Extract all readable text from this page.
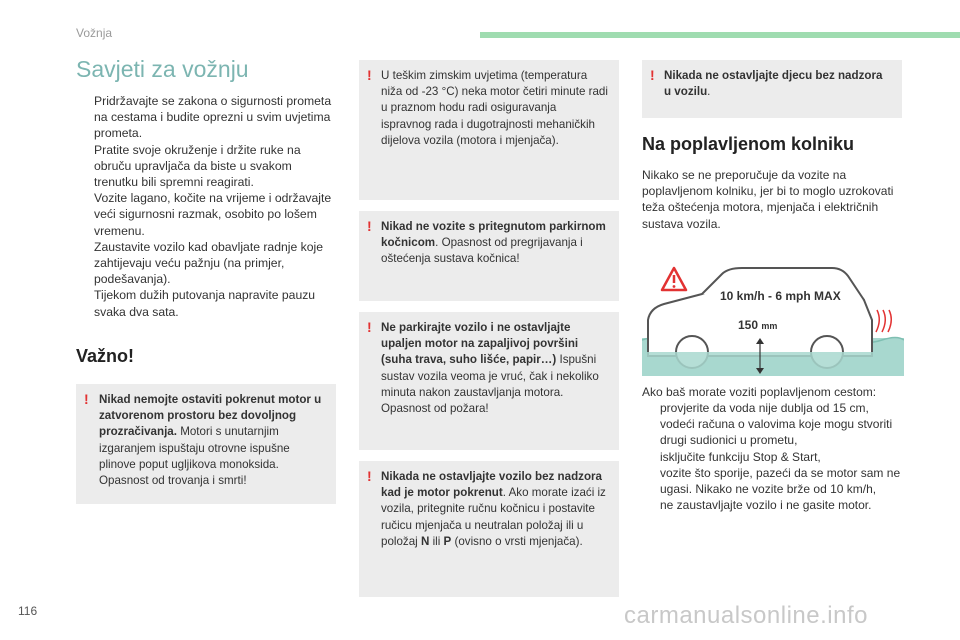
Vožnja
Savjeti za vožnju
Pridržavajte se zakona o sigurnosti prometa na cestama i budite oprezni u svim uvjetima prometa.
Pratite svoje okruženje i držite ruke na obruču upravljača da biste u svakom trenutku bili spremni reagirati.
Vozite lagano, kočite na vrijeme i održavajte veći sigurnosni razmak, osobito po lošem vremenu.
Zaustavite vozilo kad obavljate radnje koje zahtijevaju veću pažnju (na primjer, podešavanja).
Tijekom dužih putovanja napravite pauzu svaka dva sata.
Važno!
! Nikad nemojte ostaviti pokrenut motor u zatvorenom prostoru bez dovoljnog prozračivanja. Motori s unutarnjim izgaranjem ispuštaju otrovne ispušne plinove poput ugljikova monoksida. Opasnost od trovanja i smrti!
! U teškim zimskim uvjetima (temperatura niža od -23 °C) neka motor četiri minute radi u praznom hodu radi osiguravanja ispravnog rada i dugotrajnosti mehaničkih dijelova vozila (motora i mjenjača).
! Nikad ne vozite s pritegnutom parkirnom kočnicom. Opasnost od pregrijavanja i oštećenja sustava kočnica!
! Ne parkirajte vozilo i ne ostavljajte upaljen motor na zapaljivoj površini (suha trava, suho lišće, papir…) Ispušni sustav vozila veoma je vruć, čak i nekoliko minuta nakon zaustavljanja motora. Opasnost od požara!
! Nikada ne ostavljajte vozilo bez nadzora kad je motor pokrenut. Ako morate izaći iz vozila, pritegnite ručnu kočnicu i postavite ručicu mjenjača u neutralan položaj ili u položaj N ili P (ovisno o vrsti mjenjača).
! Nikada ne ostavljajte djecu bez nadzora u vozilu.
Na poplavljenom kolniku
Nikako se ne preporučuje da vozite na poplavljenom kolniku, jer bi to moglo uzrokovati teža oštećenja motora, mjenjača i električnih sustava vozila.
10 km/h - 6 mph MAX
150 mm
Ako baš morate voziti poplavljenom cestom:
provjerite da voda nije dublja od 15 cm, vodeći računa o valovima koje mogu stvoriti drugi sudionici u prometu,
isključite funkciju Stop & Start,
vozite što sporije, pazeći da se motor sam ne ugasi. Nikako ne vozite brže od 10 km/h,
ne zaustavljajte vozilo i ne gasite motor.
116	carmanualsonline.info
